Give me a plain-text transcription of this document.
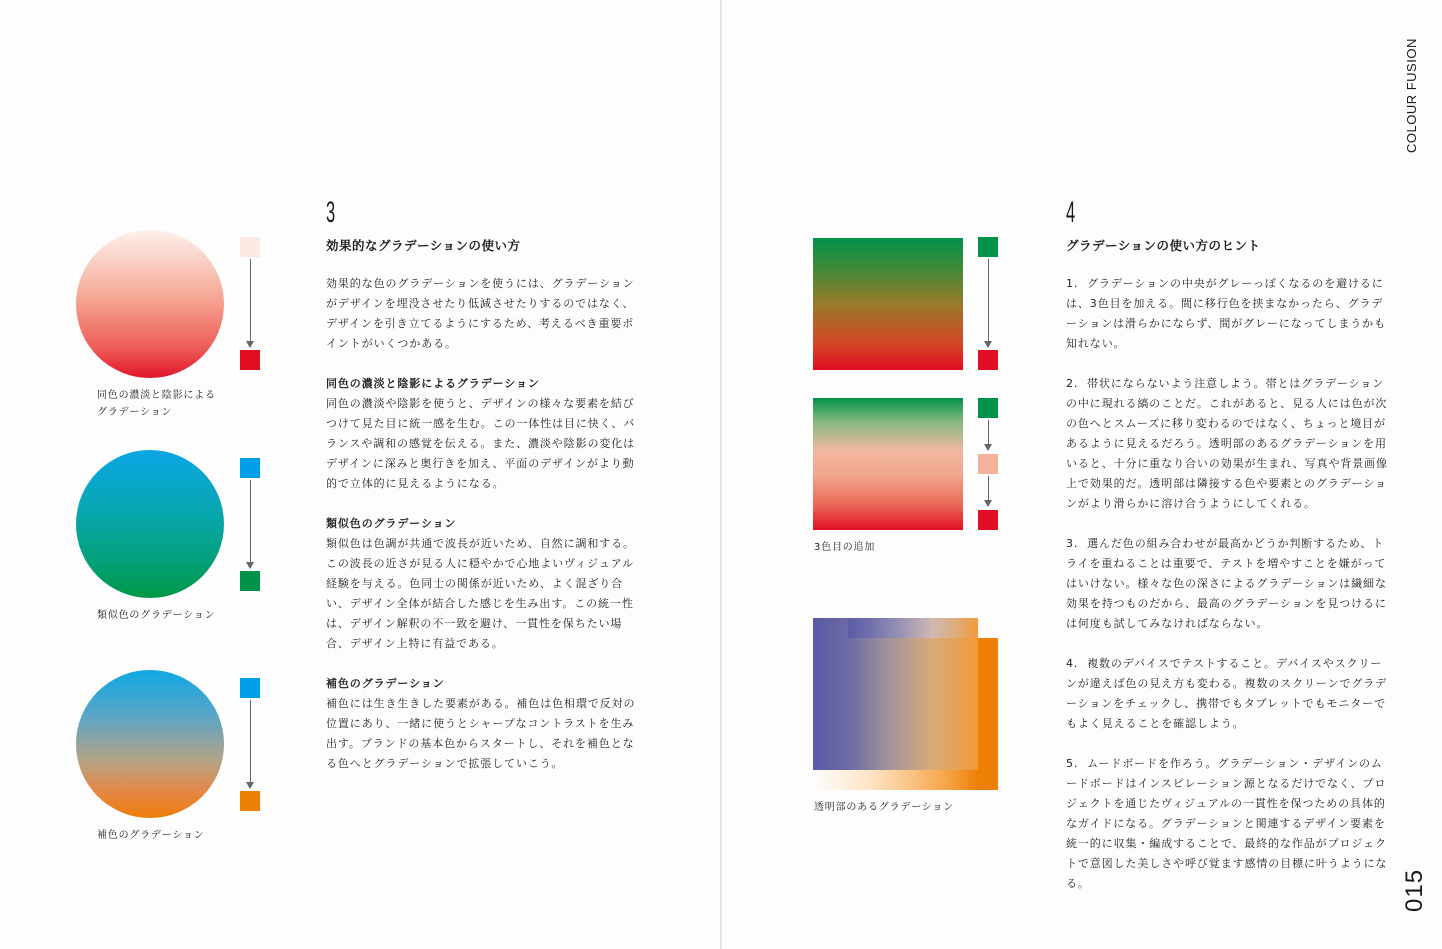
COLOUR FUSION
015
同色の濃淡と陰影による
グラデーション
類似色のグラデーション
補色のグラデーション
3
効果的なグラデーションの使い方

効果的な色のグラデーションを使うには、グラデーションがデザインを埋没させたり低減させたりするのではなく、デザインを引き立てるようにするため、考えるべき重要ポイントがいくつかある。

同色の濃淡と陰影によるグラデーション
同色の濃淡や陰影を使うと、デザインの様々な要素を結びつけて見た目に統一感を生む。この一体性は目に快く、バランスや調和の感覚を伝える。また、濃淡や陰影の変化はデザインに深みと奥行きを加え、平面のデザインがより動的で立体的に見えるようになる。
類似色のグラデーション
類似色は色調が共通で波長が近いため、自然に調和する。この波長の近さが見る人に穏やかで心地よいヴィジュアル経験を与える。色同士の関係が近いため、よく混ざり合い、デザイン全体が結合した感じを生み出す。この統一性は、デザイン解釈の不一致を避け、一貫性を保ちたい場合、デザイン上特に有益である。
補色のグラデーション
補色には生き生きした要素がある。補色は色相環で反対の位置にあり、一緒に使うとシャープなコントラストを生み出す。ブランドの基本色からスタートし、それを補色となる色へとグラデーションで拡張していこう。
3色目の追加
透明部のあるグラデーション
4
グラデーションの使い方のヒント

1. グラデーションの中央がグレーっぽくなるのを避けるには、3色目を加える。間に移行色を挟まなかったら、グラデーションは滑らかにならず、間がグレーになってしまうかも知れない。

2. 帯状にならないよう注意しよう。帯とはグラデーションの中に現れる縞のことだ。これがあると、見る人には色が次の色へとスムーズに移り変わるのではなく、ちょっと境目があるように見えるだろう。透明部のあるグラデーションを用いると、十分に重なり合いの効果が生まれ、写真や背景画像上で効果的だ。透明部は隣接する色や要素とのグラデーションがより滑らかに溶け合うようにしてくれる。

3. 選んだ色の組み合わせが最高かどうか判断するため、トライを重ねることは重要で、テストを増やすことを嫌がってはいけない。様々な色の深さによるグラデーションは繊細な効果を持つものだから、最高のグラデーションを見つけるには何度も試してみなければならない。

4. 複数のデバイスでテストすること。デバイスやスクリーンが違えば色の見え方も変わる。複数のスクリーンでグラデーションをチェックし、携帯でもタブレットでもモニターでもよく見えることを確認しよう。

5. ムードボードを作ろう。グラデーション・デザインのムードボードはインスピレーション源となるだけでなく、プロジェクトを通じたヴィジュアルの一貫性を保つための具体的なガイドになる。グラデーションと関連するデザイン要素を統一的に収集・編成することで、最終的な作品がプロジェクトで意図した美しさや呼び覚ます感情の目標に叶うようになる。
